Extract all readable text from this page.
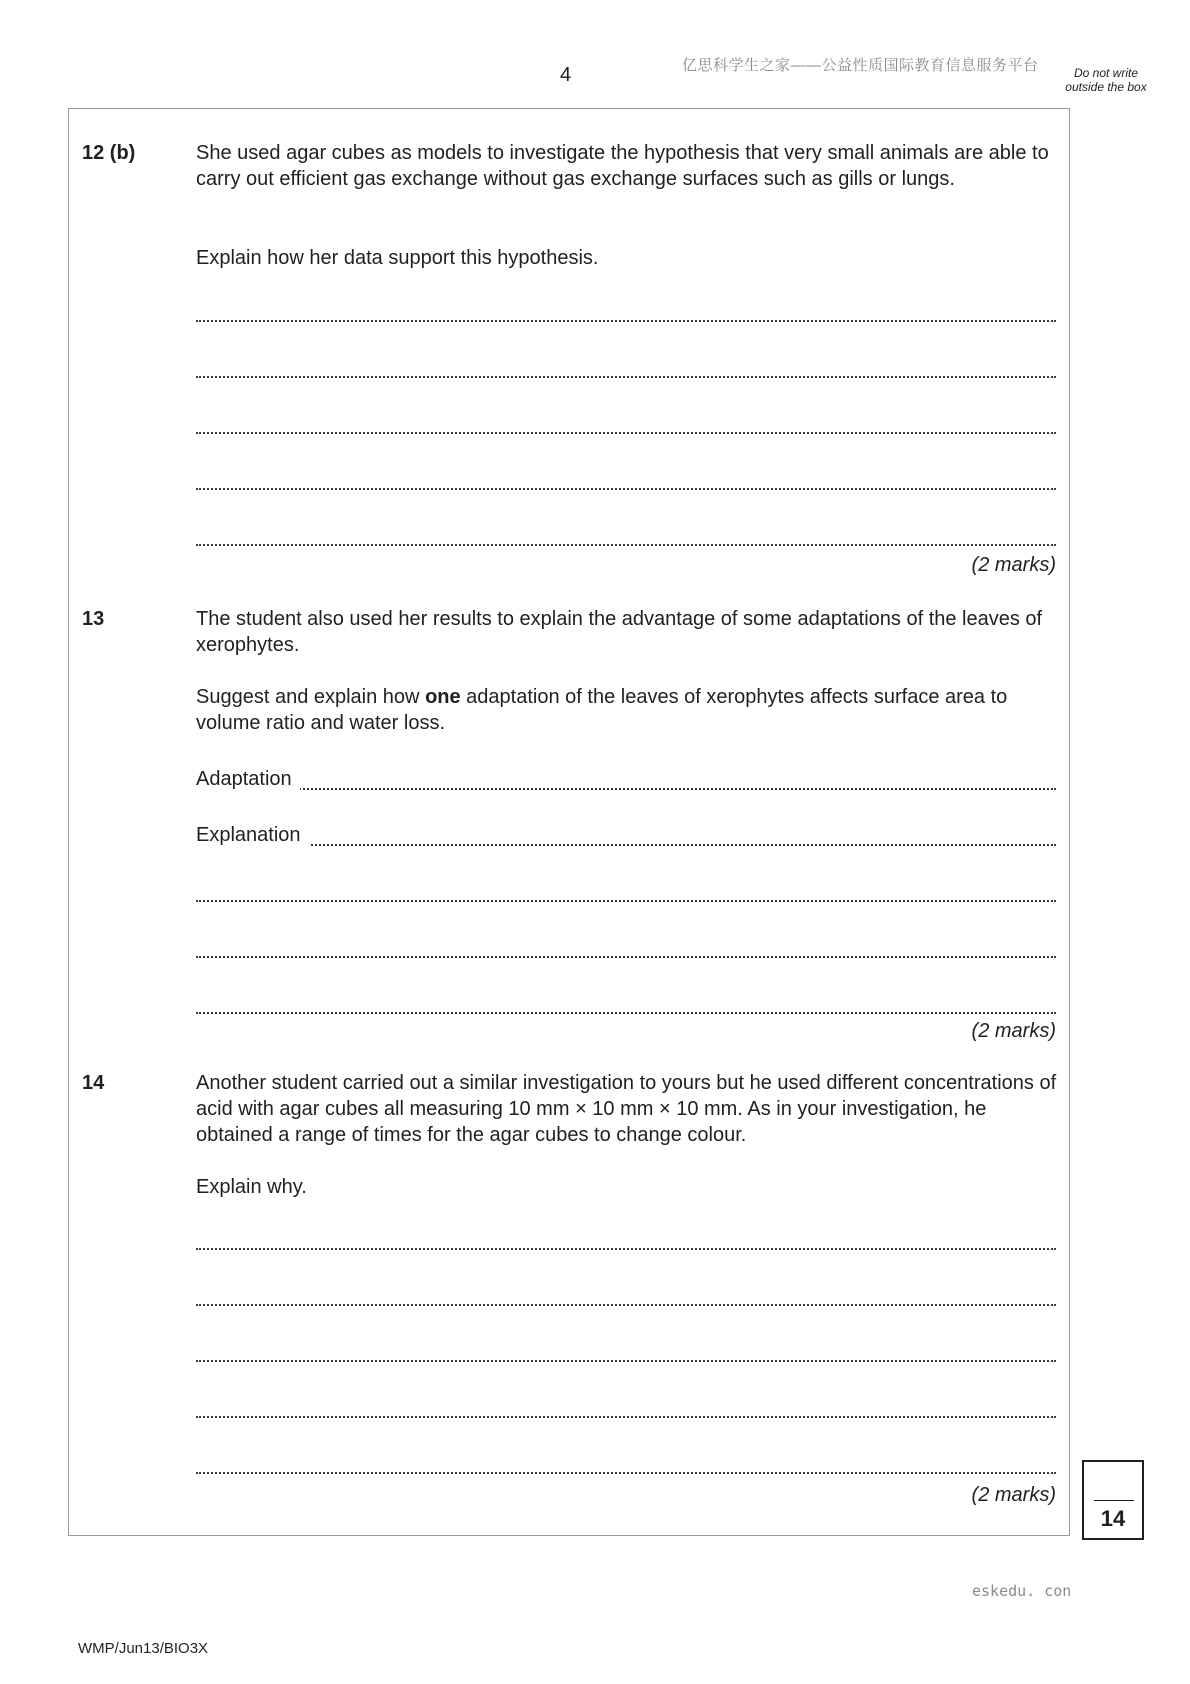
4	亿思科学生之家——公益性质国际教育信息服务平台	Do not write outside the box
12 (b)	She used agar cubes as models to investigate the hypothesis that very small animals are able to carry out efficient gas exchange without gas exchange surfaces such as gills or lungs.
Explain how her data support this hypothesis.
(2 marks)
13	The student also used her results to explain the advantage of some adaptations of the leaves of xerophytes.
Suggest and explain how one adaptation of the leaves of xerophytes affects surface area to volume ratio and water loss.
Adaptation
Explanation
(2 marks)
14	Another student carried out a similar investigation to yours but he used different concentrations of acid with agar cubes all measuring 10 mm × 10 mm × 10 mm. As in your investigation, he obtained a range of times for the agar cubes to change colour.
Explain why.
(2 marks)
14
eskedu. con
WMP/Jun13/BIO3X
